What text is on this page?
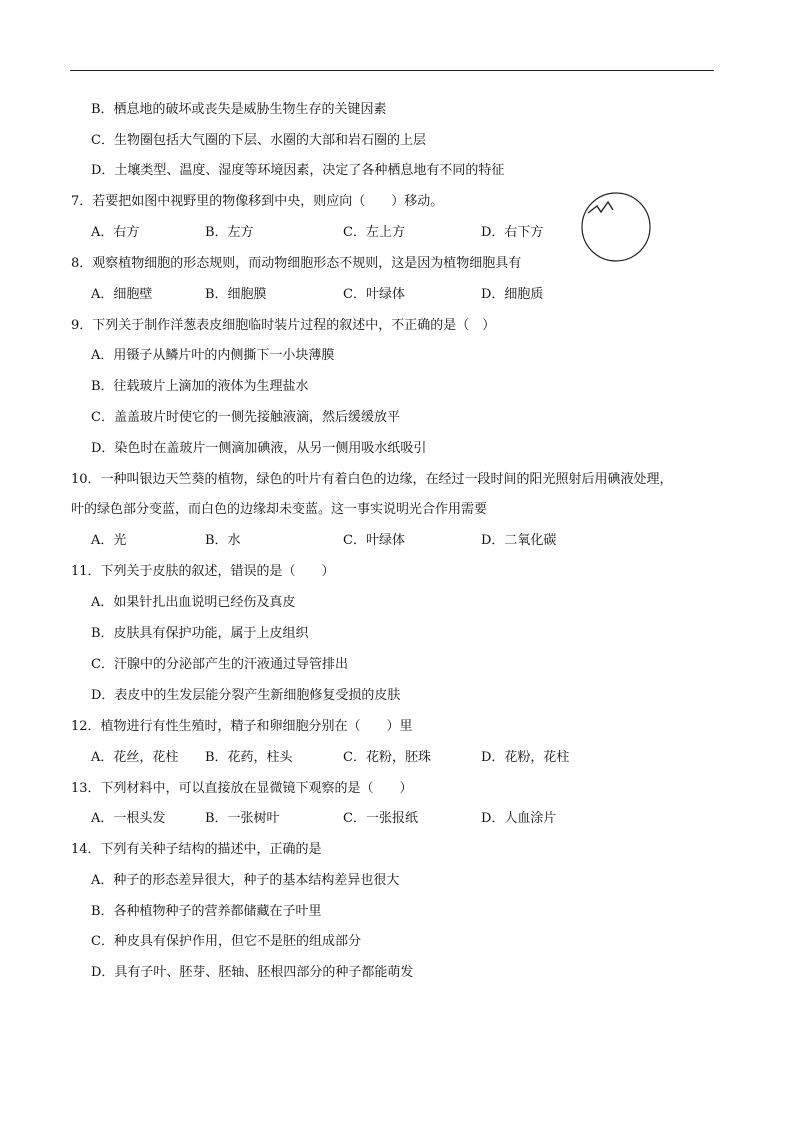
B．栖息地的破坏或丧失是威胁生物生存的关键因素
C．生物圈包括大气圈的下层、水圈的大部和岩石圈的上层
D．土壤类型、温度、湿度等环境因素，决定了各种栖息地有不同的特征
7．若要把如图中视野里的物像移到中央，则应向（　　）移动。
A．右方	B．左方	C．左上方	D．右下方
8．观察植物细胞的形态规则，而动物细胞形态不规则，这是因为植物细胞具有
A．细胞壁	B．细胞膜	C．叶绿体	D．细胞质
9．下列关于制作洋葱表皮细胞临时装片过程的叙述中，不正确的是（　）
A．用镊子从鳞片叶的内侧撕下一小块薄膜
B．往载玻片上滴加的液体为生理盐水
C．盖盖玻片时使它的一侧先接触液滴，然后缓缓放平
D．染色时在盖玻片一侧滴加碘液，从另一侧用吸水纸吸引
10．一种叫银边天竺葵的植物，绿色的叶片有着白色的边缘，在经过一段时间的阳光照射后用碘液处理，
叶的绿色部分变蓝，而白色的边缘却未变蓝。这一事实说明光合作用需要
A．光	B．水	C．叶绿体	D．二氧化碳
11．下列关于皮肤的叙述，错误的是（　　）
A．如果针扎出血说明已经伤及真皮
B．皮肤具有保护功能，属于上皮组织
C．汗腺中的分泌部产生的汗液通过导管排出
D．表皮中的生发层能分裂产生新细胞修复受损的皮肤
12．植物进行有性生殖时，精子和卵细胞分别在（　　）里
A．花丝，花柱 B．花药，柱头	C．花粉，胚珠	D．花粉，花柱
13．下列材料中，可以直接放在显微镜下观察的是（　　）
A．一根头发	B．一张树叶	C．一张报纸	D．人血涂片
14．下列有关种子结构的描述中，正确的是
A．种子的形态差异很大，种子的基本结构差异也很大
B．各种植物种子的营养都储藏在子叶里
C．种皮具有保护作用，但它不是胚的组成部分
D．具有子叶、胚芽、胚轴、胚根四部分的种子都能萌发
